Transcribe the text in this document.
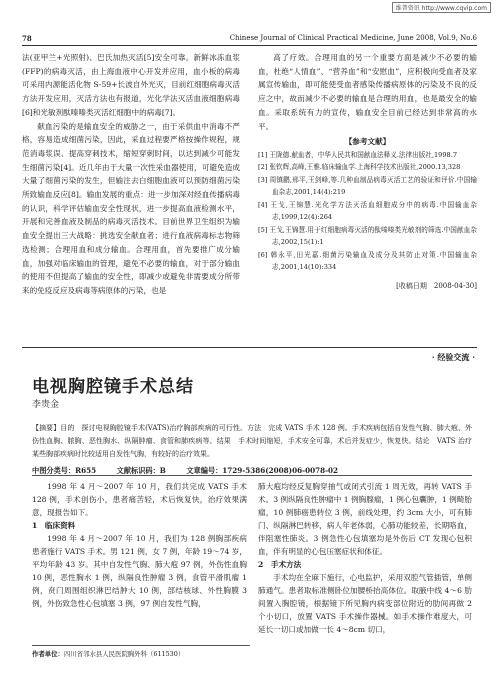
维普资讯 http://www.cqvip.com
78	Chinese Journal of Clinical Practical Medicine, June 2008, Vol.9, No.6

法(亚甲兰+光照射)、巴氏加热灭活[5]安全可靠。新鲜冰冻血浆(FFP)的病毒灭活，由上海血液中心开发并应用，血小板的病毒可采用内源能活化物 S-59+长波自外光灭，目前红细胞病毒灭活方法开发应用，灭活方法也有报道，光化学法灭活血液细胞病毒[6]和光敏剂酞嗪嗪类灭活红细胞中的病毒[7]。

献血污染的是输血安全的威胁之一，由于采供血中消毒不严格，容易造成细菌污染，因此，采血过程要严格按操作规程，规范消毒浆误、提高穿刺技术，缩短穿刺时间，以达到减少可能发生细菌污染[4]。近几年由于大量一次性采血器使用，可避免造成大量了细菌污染的发生，但输注去白细胞血液可以预防细菌污染所致输血反应[8]。输血发展的重点：进一步加深对经血传播病毒的认识，科学评估输血安全性现状，进一步提高血液检测水平，开展和完善血液及制品的病毒灭活技术。目前世界卫生组织为输血安全提出三大战略：挑选安全献血者；进行血液病毒标志物筛选检测；合理用血和成分输血。合理用血，首先要推广成分输血，加强对临床输血的管理，避免不必要的输血，对于部分输血的使用不但提高了输血的安全性，即减少或避免非需要成分所带来的免疫反应及病毒等病原体的污染，也是

高了疗效。合理用血的另一个重要方面是减少不必要的输血，杜绝“人情血”、“营养血”和“安慰血”，应积极向受血者及家属宣传输血，即可能使受血者感染传播病原体的污染及不良的反应之中，故而减少不必要的输血是合理的用血，也是最安全的输血。采取系统有力的宣传，输血安全目前已经达到非常高的水平。

【参考文献】
[1] 王陇德.献血者，中华人民共和国献血法释义.法律出版社,1998.7
[2] 张钦辉,高峰,王雅.临床输血学.上海科学技术出版社,2000.13,328
[3] 周镇鹏,邢平,王剑峰,等.几种血制品病毒灭活工艺的验证和评价.中国输血杂志,2001,14(4):219
[4] 王戈,王锦慧.光化学方法灭活血细胞成分中的病毒.中国输血杂志,1999,12(4):264
[5] 王戈,王锦慧.用于红细胞病毒灭活的酞嗪嗪类光敏剂的筛选.中国献血杂志,2002,15(1):1
[6] 韩永平,田光嘉.细菌污染输血及成分及其防止对策.中国输血杂志,2001,14(10):334
[收稿日期　2008-04-30]
· 经验交流 ·
电视胸腔镜手术总结
李贵金
【摘要】目的　探讨电视胸腔镜手术(VATS)治疗胸部疾病的可行性。方法　完成 VATS 手术 128 例。手术疾病包括自发性气胸、肺大疱、外伤性血胸、脓胸、恶性胸水、纵隔肿瘤、食管和肺疾病等。结果　手术时间缩短，手术安全可靠，术后并发症少，恢复快。结论　VATS 治疗某些胸部疾病时比较适用自发性气胸，有较好的治疗效果。
中图分类号：R655	文献标识码：B	文章编号：1729-5386(2008)06-0078-02

1998 年 4 月～2007 年 10 月，我们共完成 VATS 手术 128 例，手术创伤小，患者痛苦轻，术后恢复快，治疗效果满意，现报告如下。

1　临床资料

1998 年 4 月～2007 年 10 月，我们为 128 例胸部疾病患者施行 VATS 手术。男 121 例，女 7 例，年龄 19～74 岁，平均年龄 43 岁。其中自发性气胸、肺大疱 97 例，外伤性血胸 10 例，恶性胸水 1 例，纵隔良性肿瘤 3 例，食管平滑肌瘤 1 例，贲门周围组织淋巴结肿大 10 例，部结核球、外性胸膜 3 例，外伤致急性心包填塞 3 例，97 例自发性气胸，

肺大疱均经反复胸穿抽气或闭式引流 1 周无效，再转 VATS 手术。3 例纵隔良性肿瘤中 1 例胸腺瘤，1 例心包囊肿，1 例畸胎瘤，10 例肺癌患转位 3 例，前线处理，约 3cm 大小，可有肺门、纵隔淋巴转移，病人年老体弱，心肺功能较差，长期咯血，伴阻塞性肺炎。3 例急性心包填塞均是外伤后 CT 发现心包积血，伴有明显的心包压塞症状和体征。

2　手术方法

手术均在全麻下施行，心电监护，采用双腔气管插管，单侧肺通气。患者取标准侧卧位加腰桥抬高体位。取腋中线 4～6 肋间置入胸腔镜，根据镜下所见胸内病变部位附近的肋间再做 2 个小切口，放置 VATS 手术操作器械。如手术操作难度大，可延长一切口或加做一长 4～8cm 切口，

作者单位：四川省邻水县人民医院胸外科（611530）
